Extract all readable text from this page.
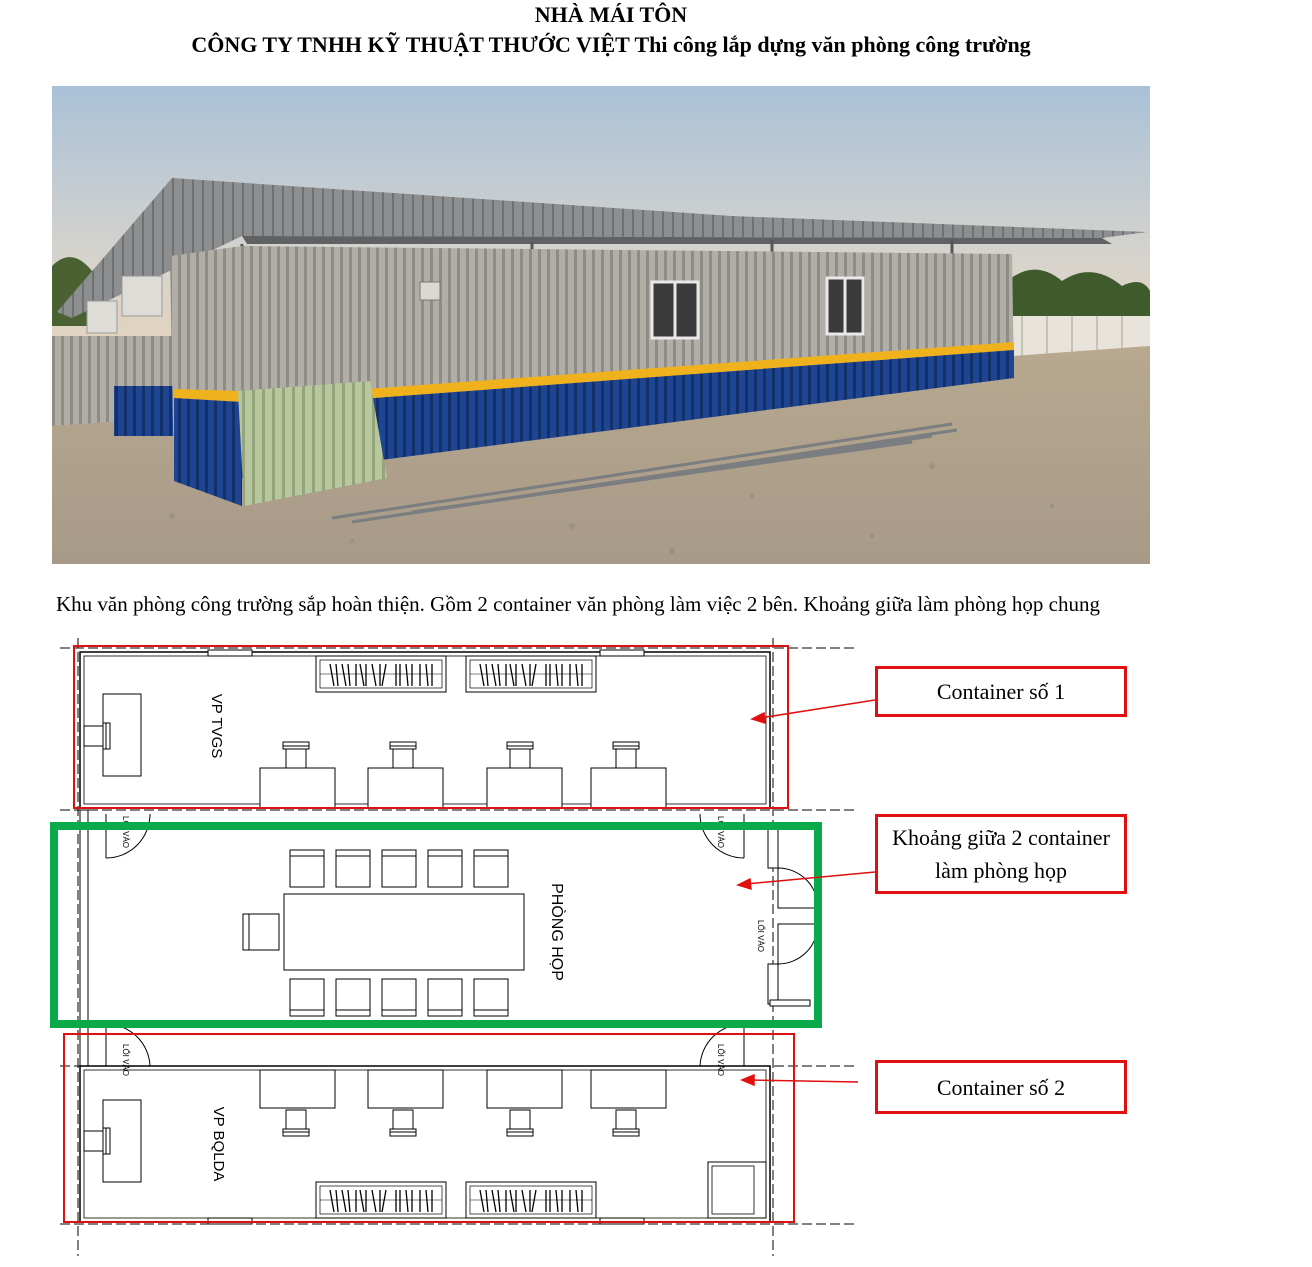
NHÀ MÁI TÔN
CÔNG TY TNHH KỸ THUẬT THƯỚC VIỆT Thi công lắp dựng văn phòng công trường
Khu văn phòng công trường sắp hoàn thiện. Gồm 2 container văn phòng làm việc 2 bên. Khoảng giữa làm phòng họp chung
VP TVGS
PHÒNG HỌP	LỐI VÀO
LỐI VÀO	LỐI VÀO
VP BQLDA
LỐI VÀO	LỐI VÀO
Container số 1
Khoảng giữa 2 container
làm phòng họp
Container số 2
